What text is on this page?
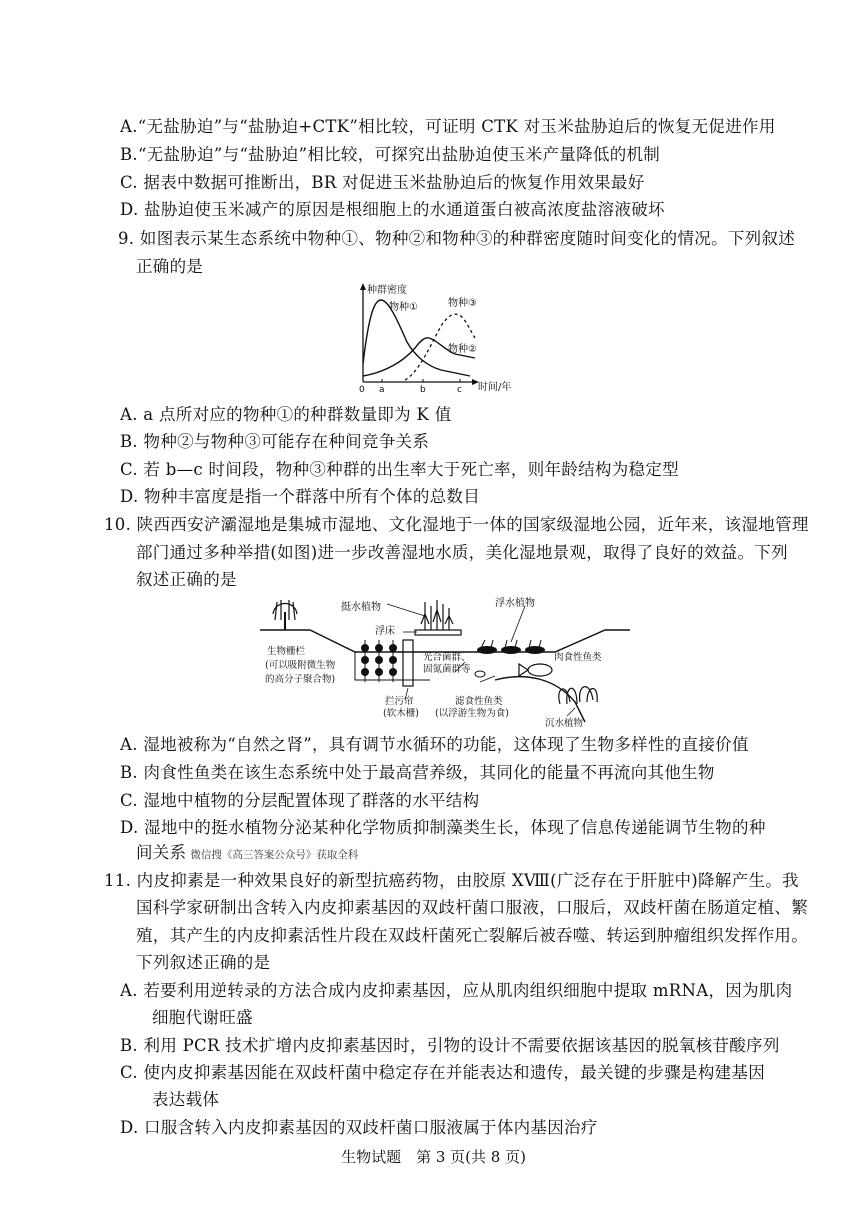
A.“无盐胁迫”与“盐胁迫+CTK”相比较，可证明 CTK 对玉米盐胁迫后的恢复无促进作用
B.“无盐胁迫”与“盐胁迫”相比较，可探究出盐胁迫使玉米产量降低的机制
C. 据表中数据可推断出，BR 对促进玉米盐胁迫后的恢复作用效果最好
D. 盐胁迫使玉米减产的原因是根细胞上的水通道蛋白被高浓度盐溶液破坏
9. 如图表示某生态系统中物种①、物种②和物种③的种群密度随时间变化的情况。下列叙述
正确的是
种群密度
时间/年
0 a	b	c
物种①	物种③
物种②
A. a 点所对应的物种①的种群数量即为 K 值
B. 物种②与物种③可能存在种间竞争关系
C. 若 b—c 时间段，物种③种群的出生率大于死亡率，则年龄结构为稳定型
D. 物种丰富度是指一个群落中所有个体的总数目
10. 陕西西安浐灞湿地是集城市湿地、文化湿地于一体的国家级湿地公园，近年来，该湿地管理
部门通过多种举措(如图)进一步改善湿地水质，美化湿地景观，取得了良好的效益。下列
叙述正确的是
挺水植物	浮水植物
浮床
生物栅栏
(可以吸附微生物
的高分子聚合物)
光合菌群、
固氮菌群等
肉食性鱼类
拦污帘
(软木栅)
滤食性鱼类
(以浮游生物为食)
沉水植物
A. 湿地被称为“自然之肾”，具有调节水循环的功能，这体现了生物多样性的直接价值
B. 肉食性鱼类在该生态系统中处于最高营养级，其同化的能量不再流向其他生物
C. 湿地中植物的分层配置体现了群落的水平结构
D. 湿地中的挺水植物分泌某种化学物质抑制藻类生长，体现了信息传递能调节生物的种
间关系 微信搜《高三答案公众号》获取全科
11. 内皮抑素是一种效果良好的新型抗癌药物，由胶原 XⅧ(广泛存在于肝脏中)降解产生。我
国科学家研制出含转入内皮抑素基因的双歧杆菌口服液，口服后，双歧杆菌在肠道定植、繁
殖，其产生的内皮抑素活性片段在双歧杆菌死亡裂解后被吞噬、转运到肿瘤组织发挥作用。
下列叙述正确的是
A. 若要利用逆转录的方法合成内皮抑素基因，应从肌肉组织细胞中提取 mRNA，因为肌肉
细胞代谢旺盛
B. 利用 PCR 技术扩增内皮抑素基因时，引物的设计不需要依据该基因的脱氧核苷酸序列
C. 使内皮抑素基因能在双歧杆菌中稳定存在并能表达和遗传，最关键的步骤是构建基因
表达载体
D. 口服含转入内皮抑素基因的双歧杆菌口服液属于体内基因治疗
生物试题　第 3 页(共 8 页)
